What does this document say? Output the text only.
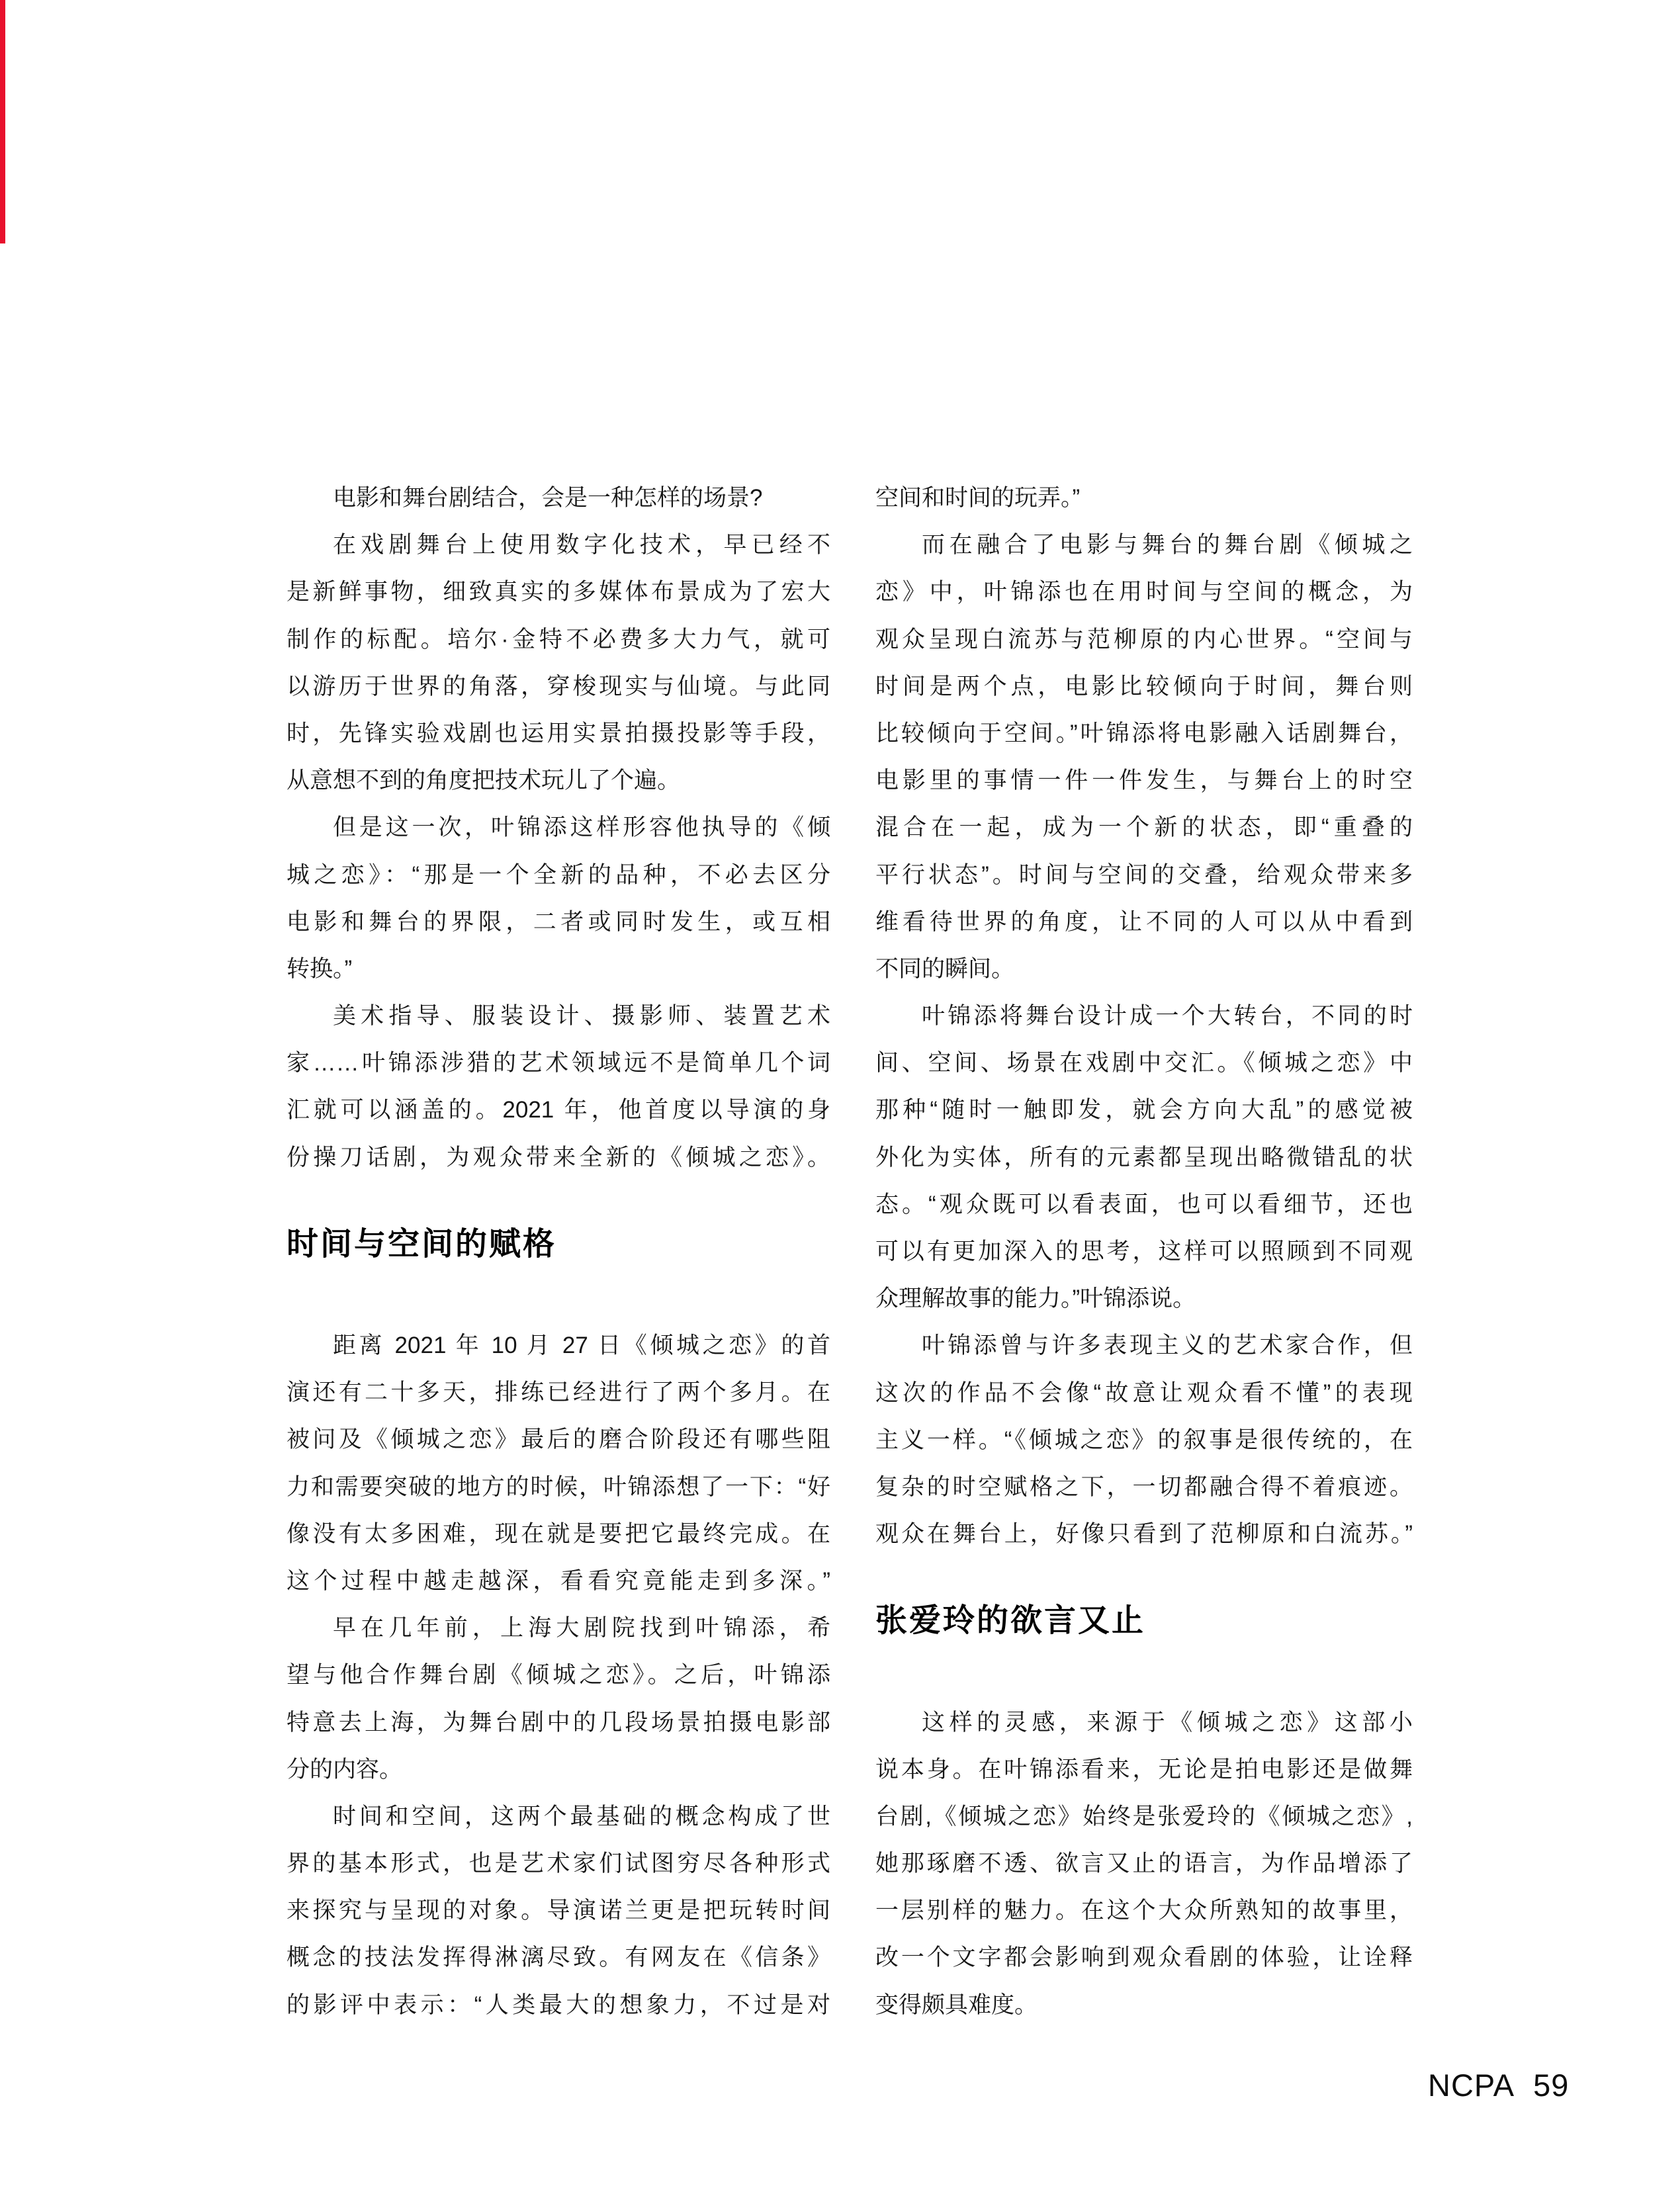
电影和舞台剧结合，会是一种怎样的场景?
在戏剧舞台上使用数字化技术，早已经不
是新鲜事物，细致真实的多媒体布景成为了宏大
制作的标配。培尔·金特不必费多大力气，就可
以游历于世界的角落，穿梭现实与仙境。与此同
时，先锋实验戏剧也运用实景拍摄投影等手段，
从意想不到的角度把技术玩儿了个遍。
但是这一次，叶锦添这样形容他执导的《倾
城之恋》：“那是一个全新的品种，不必去区分
电影和舞台的界限，二者或同时发生，或互相
转换。”
美术指导、服装设计、摄影师、装置艺术
家……叶锦添涉猎的艺术领域远不是简单几个词
汇就可以涵盖的。2021 年，他首度以导演的身
份操刀话剧，为观众带来全新的《倾城之恋》。
时间与空间的赋格
距离 2021 年 10 月 27 日《倾城之恋》的首
演还有二十多天，排练已经进行了两个多月。在
被问及《倾城之恋》最后的磨合阶段还有哪些阻
力和需要突破的地方的时候，叶锦添想了一下：“好
像没有太多困难，现在就是要把它最终完成。在
这个过程中越走越深，看看究竟能走到多深。”
早在几年前，上海大剧院找到叶锦添，希
望与他合作舞台剧《倾城之恋》。之后，叶锦添
特意去上海，为舞台剧中的几段场景拍摄电影部
分的内容。
时间和空间，这两个最基础的概念构成了世
界的基本形式，也是艺术家们试图穷尽各种形式
来探究与呈现的对象。导演诺兰更是把玩转时间
概念的技法发挥得淋漓尽致。有网友在《信条》
的影评中表示：“人类最大的想象力，不过是对
空间和时间的玩弄。”
而在融合了电影与舞台的舞台剧《倾城之
恋》中，叶锦添也在用时间与空间的概念，为
观众呈现白流苏与范柳原的内心世界。“空间与
时间是两个点，电影比较倾向于时间，舞台则
比较倾向于空间。”叶锦添将电影融入话剧舞台，
电影里的事情一件一件发生，与舞台上的时空
混合在一起，成为一个新的状态，即“重叠的
平行状态”。时间与空间的交叠，给观众带来多
维看待世界的角度，让不同的人可以从中看到
不同的瞬间。
叶锦添将舞台设计成一个大转台，不同的时
间、空间、场景在戏剧中交汇。《倾城之恋》中
那种“随时一触即发，就会方向大乱”的感觉被
外化为实体，所有的元素都呈现出略微错乱的状
态。“观众既可以看表面，也可以看细节，还也
可以有更加深入的思考，这样可以照顾到不同观
众理解故事的能力。”叶锦添说。
叶锦添曾与许多表现主义的艺术家合作，但
这次的作品不会像“故意让观众看不懂”的表现
主义一样。“《倾城之恋》的叙事是很传统的，在
复杂的时空赋格之下，一切都融合得不着痕迹。
观众在舞台上，好像只看到了范柳原和白流苏。”
张爱玲的欲言又止
这样的灵感，来源于《倾城之恋》这部小
说本身。在叶锦添看来，无论是拍电影还是做舞
台剧,《倾城之恋》始终是张爱玲的《倾城之恋》,
她那琢磨不透、欲言又止的语言，为作品增添了
一层别样的魅力。在这个大众所熟知的故事里，
改一个文字都会影响到观众看剧的体验，让诠释
变得颇具难度。
NCPA 59
